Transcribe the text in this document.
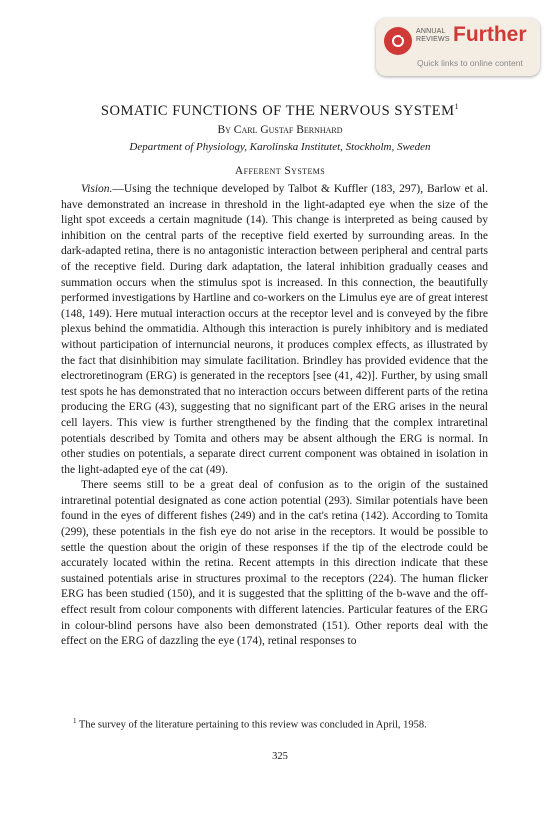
ANNUAL
REVIEWS Further
Quick links to online content
SOMATIC FUNCTIONS OF THE NERVOUS SYSTEM$^1$
By Carl Gustaf Bernhard
Department of Physiology, Karolinska Institutet, Stockholm, Sweden
Afferent Systems

Vision.—Using the technique developed by Talbot & Kuffler (183, 297), Barlow et al. have demonstrated an increase in threshold in the light-adapted eye when the size of the light spot exceeds a certain magnitude (14). This change is interpreted as being caused by inhibition on the central parts of the receptive field exerted by surrounding areas. In the dark-adapted retina, there is no antagonistic interaction between peripheral and central parts of the receptive field. During dark adaptation, the lateral inhibition gradually ceases and summation occurs when the stimulus spot is increased. In this connection, the beautifully performed investigations by Hartline and co-workers on the Limulus eye are of great interest (148, 149). Here mutual interaction occurs at the receptor level and is conveyed by the fibre plexus behind the ommatidia. Although this interaction is purely inhibitory and is mediated without participation of internuncial neurons, it produces complex effects, as illustrated by the fact that disinhibition may simulate facilitation. Brindley has provided evidence that the electroretinogram (ERG) is generated in the receptors [see (41, 42)]. Further, by using small test spots he has demonstrated that no interaction occurs between different parts of the retina producing the ERG (43), suggesting that no significant part of the ERG arises in the neural cell layers. This view is further strengthened by the finding that the complex intraretinal potentials described by Tomita and others may be absent although the ERG is normal. In other studies on potentials, a separate direct current component was obtained in isolation in the light-adapted eye of the cat (49).

There seems still to be a great deal of confusion as to the origin of the sustained intraretinal potential designated as cone action potential (293). Similar potentials have been found in the eyes of different fishes (249) and in the cat's retina (142). According to Tomita (299), these potentials in the fish eye do not arise in the receptors. It would be possible to settle the question about the origin of these responses if the tip of the electrode could be accurately located within the retina. Recent attempts in this direction indicate that these sustained potentials arise in structures proximal to the receptors (224). The human flicker ERG has been studied (150), and it is suggested that the splitting of the b-wave and the off-effect result from colour components with different latencies. Particular features of the ERG in colour-blind persons have also been demonstrated (151). Other reports deal with the effect on the ERG of dazzling the eye (174), retinal responses to

$^1$ The survey of the literature pertaining to this review was concluded in April, 1958.

325
